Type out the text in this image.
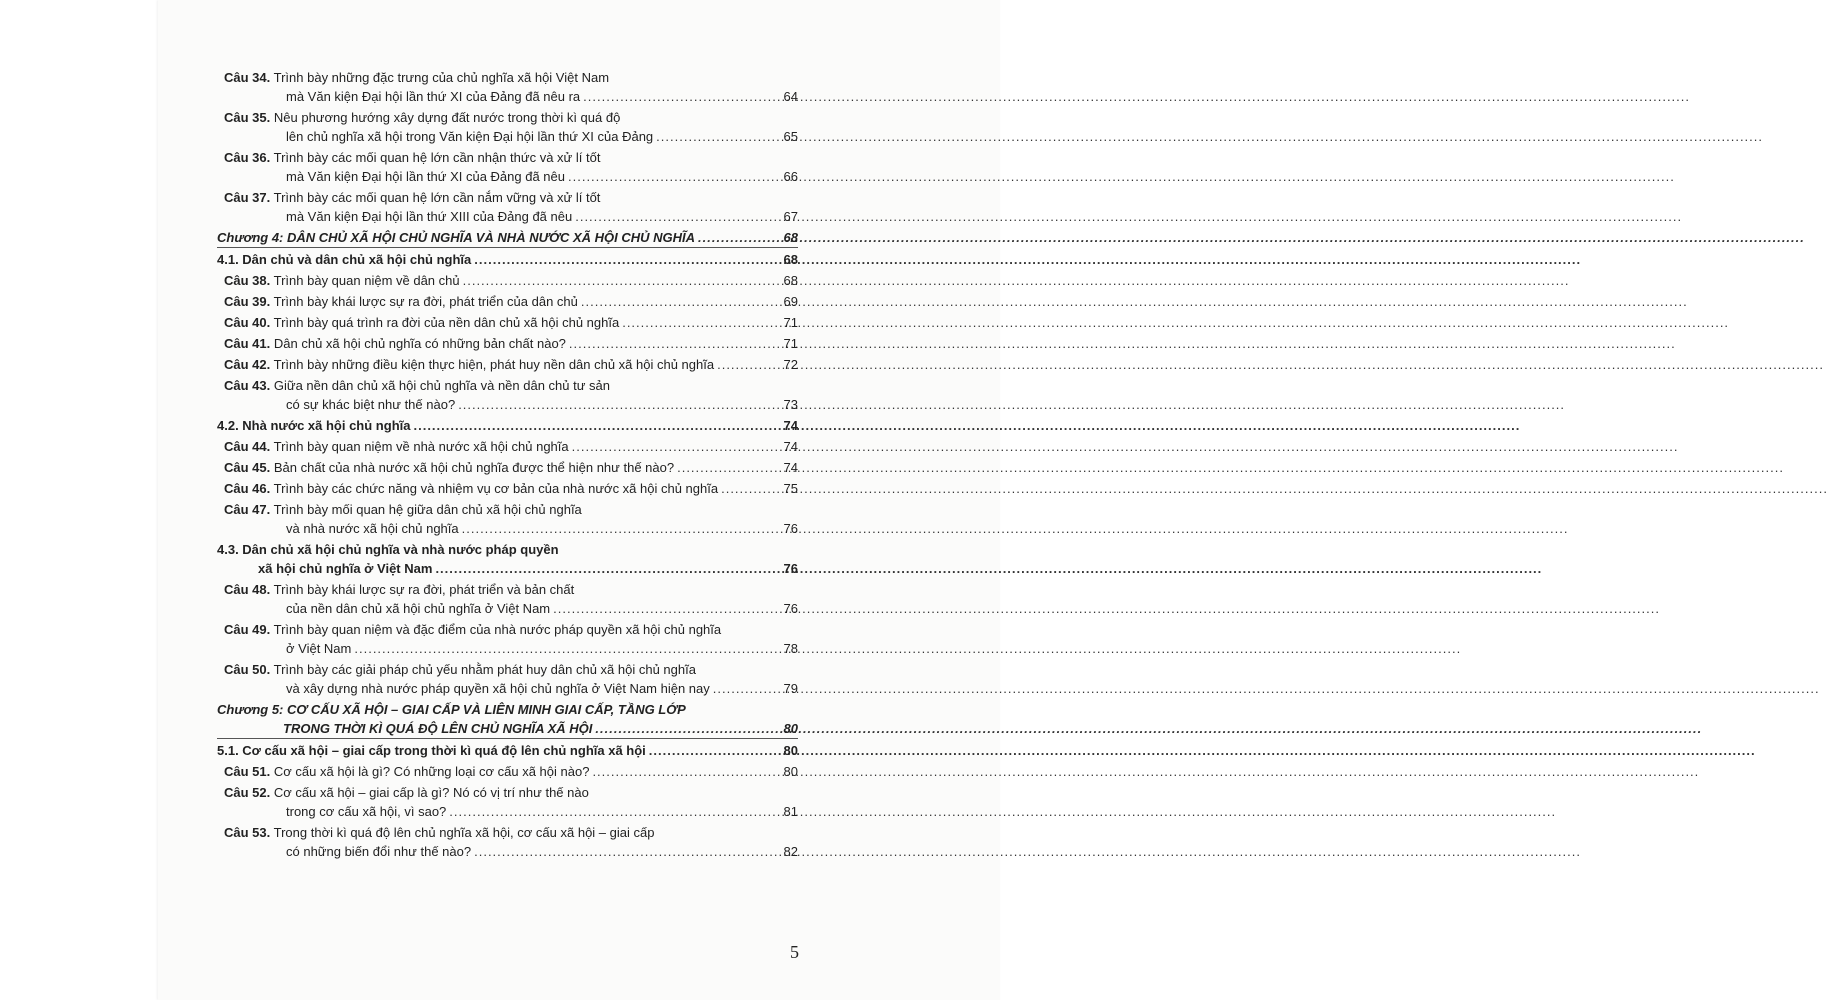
Câu 34. Trình bày những đặc trưng của chủ nghĩa xã hội Việt Nam
mà Văn kiện Đại hội lần thứ XI của Đảng đã nêu ra .....	64
Câu 35. Nêu phương hướng xây dựng đất nước trong thời kì quá độ
lên chủ nghĩa xã hội trong Văn kiện Đại hội lần thứ XI của Đảng .....	65
Câu 36. Trình bày các mối quan hệ lớn cần nhận thức và xử lí tốt
mà Văn kiện Đại hội lần thứ XI của Đảng đã nêu .....	66
Câu 37. Trình bày các mối quan hệ lớn cần nắm vững và xử lí tốt
mà Văn kiện Đại hội lần thứ XIII của Đảng đã nêu .....	67
Chương 4: DÂN CHỦ XÃ HỘI CHỦ NGHĨA VÀ NHÀ NƯỚC XÃ HỘI CHỦ NGHĨA .....	68
4.1. Dân chủ và dân chủ xã hội chủ nghĩa .....	68
Câu 38. Trình bày quan niệm về dân chủ .....	68
Câu 39. Trình bày khái lược sự ra đời, phát triển của dân chủ .....	69
Câu 40. Trình bày quá trình ra đời của nền dân chủ xã hội chủ nghĩa .....	71
Câu 41. Dân chủ xã hội chủ nghĩa có những bản chất nào? .....	71
Câu 42. Trình bày những điều kiện thực hiện, phát huy nền dân chủ xã hội chủ nghĩa .....	72
Câu 43. Giữa nền dân chủ xã hội chủ nghĩa và nền dân chủ tư sản
có sự khác biệt như thế nào? .....	73
4.2. Nhà nước xã hội chủ nghĩa .....	74
Câu 44. Trình bày quan niệm về nhà nước xã hội chủ nghĩa .....	74
Câu 45. Bản chất của nhà nước xã hội chủ nghĩa được thể hiện như thế nào? .....	74
Câu 46. Trình bày các chức năng và nhiệm vụ cơ bản của nhà nước xã hội chủ nghĩa .....	75
Câu 47. Trình bày mối quan hệ giữa dân chủ xã hội chủ nghĩa
và nhà nước xã hội chủ nghĩa .....	76
4.3. Dân chủ xã hội chủ nghĩa và nhà nước pháp quyền
xã hội chủ nghĩa ở Việt Nam .....	76
Câu 48. Trình bày khái lược sự ra đời, phát triển và bản chất
của nền dân chủ xã hội chủ nghĩa ở Việt Nam .....	76
Câu 49. Trình bày quan niệm và đặc điểm của nhà nước pháp quyền xã hội chủ nghĩa
ở Việt Nam .....	78
Câu 50. Trình bày các giải pháp chủ yếu nhằm phát huy dân chủ xã hội chủ nghĩa
và xây dựng nhà nước pháp quyền xã hội chủ nghĩa ở Việt Nam hiện nay .....	79
Chương 5: CƠ CẤU XÃ HỘI – GIAI CẤP VÀ LIÊN MINH GIAI CẤP, TẦNG LỚP
TRONG THỜI KÌ QUÁ ĐỘ LÊN CHỦ NGHĨA XÃ HỘI .....	80
5.1. Cơ cấu xã hội – giai cấp trong thời kì quá độ lên chủ nghĩa xã hội .....	80
Câu 51. Cơ cấu xã hội là gì? Có những loại cơ cấu xã hội nào? .....	80
Câu 52. Cơ cấu xã hội – giai cấp là gì? Nó có vị trí như thế nào
trong cơ cấu xã hội, vì sao? .....	81
Câu 53. Trong thời kì quá độ lên chủ nghĩa xã hội, cơ cấu xã hội – giai cấp
có những biến đổi như thế nào? .....	82
5
